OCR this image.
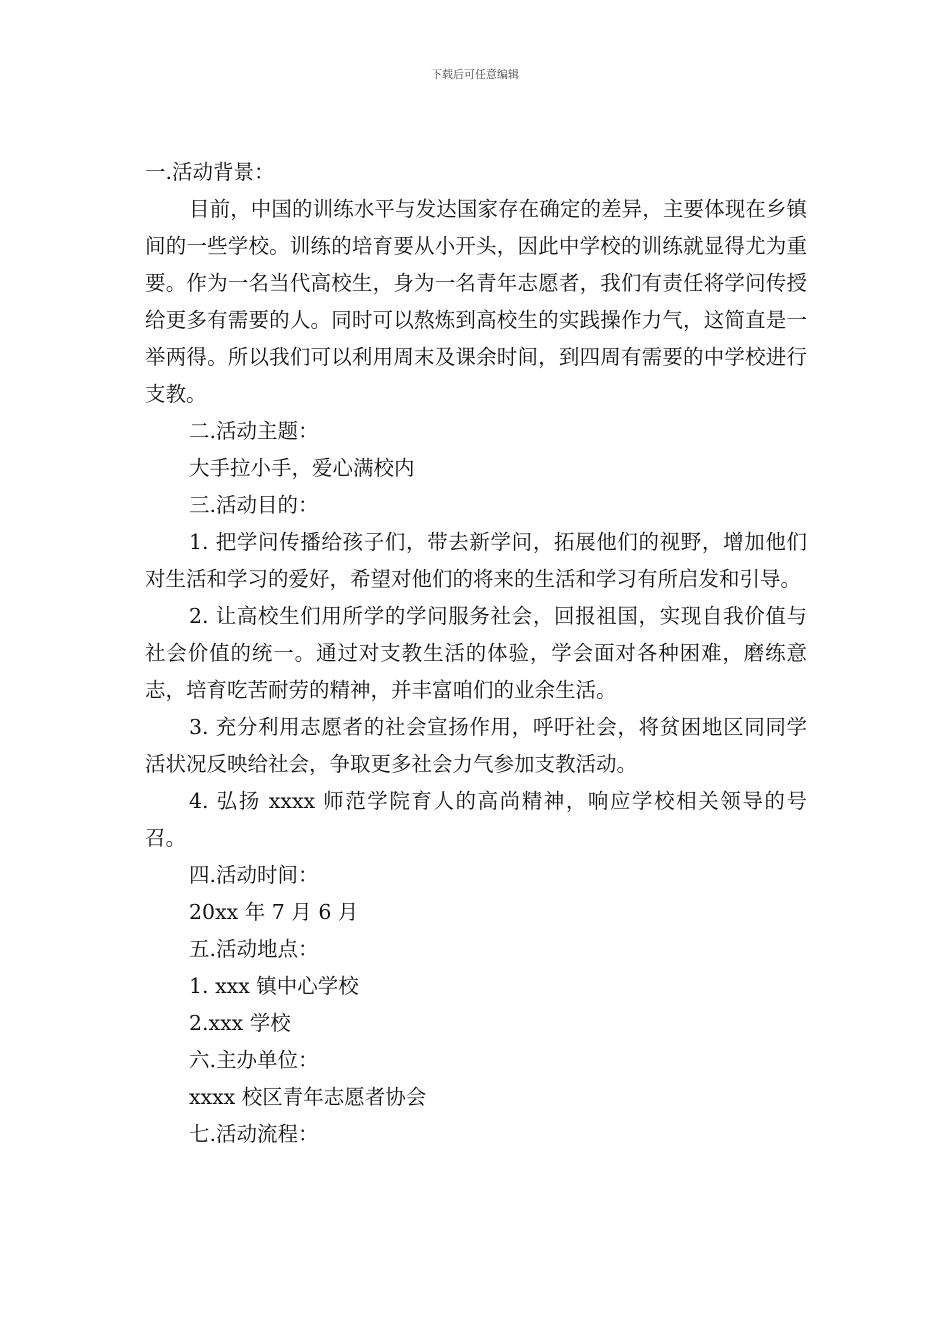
下载后可任意编辑

一.活动背景：

目前，中国的训练水平与发达国家存在确定的差异，主要体现在乡镇间的一些学校。训练的培育要从小开头，因此中学校的训练就显得尤为重要。作为一名当代高校生，身为一名青年志愿者，我们有责任将学问传授给更多有需要的人。同时可以熬炼到高校生的实践操作力气，这简直是一举两得。所以我们可以利用周末及课余时间，到四周有需要的中学校进行支教。

二.活动主题：

大手拉小手，爱心满校内

三.活动目的：

1. 把学问传播给孩子们，带去新学问，拓展他们的视野，增加他们对生活和学习的爱好，希望对他们的将来的生活和学习有所启发和引导。

2. 让高校生们用所学的学问服务社会，回报祖国，实现自我价值与社会价值的统一。通过对支教生活的体验，学会面对各种困难，磨练意志，培育吃苦耐劳的精神，并丰富咱们的业余生活。

3. 充分利用志愿者的社会宣扬作用，呼吁社会，将贫困地区同同学活状况反映给社会，争取更多社会力气参加支教活动。

4. 弘扬 xxxx 师范学院育人的高尚精神，响应学校相关领导的号召。

四.活动时间：

20xx 年 7 月 6 月

五.活动地点：

1. xxx 镇中心学校

2.xxx 学校

六.主办单位：

xxxx 校区青年志愿者协会

七.活动流程：
